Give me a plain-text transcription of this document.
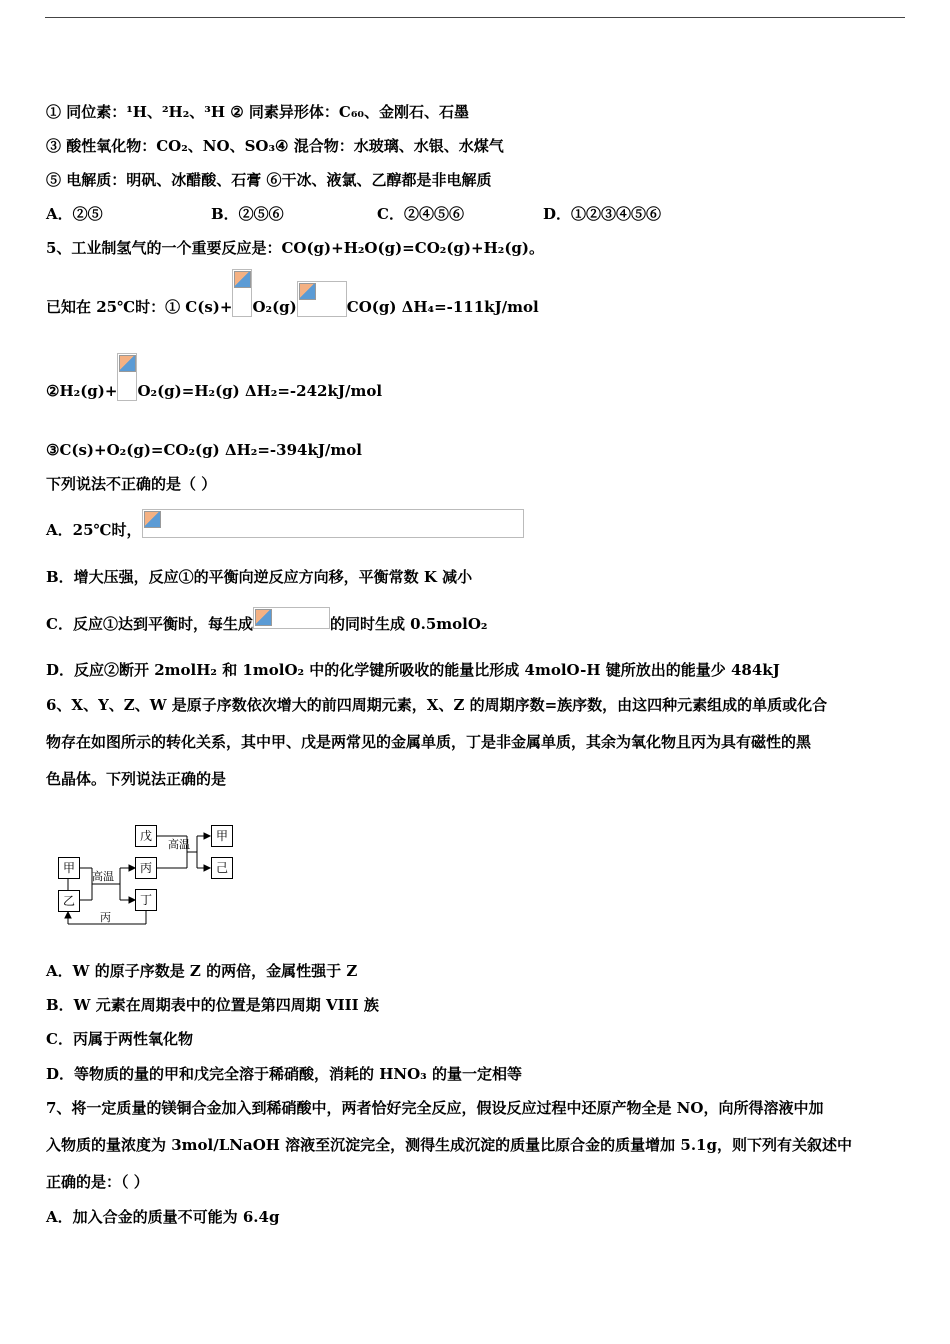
① 同位素：¹H、²H₂、³H ② 同素异形体：C₆₀、金刚石、石墨
③ 酸性氧化物：CO₂、NO、SO₃④ 混合物：水玻璃、水银、水煤气
⑤ 电解质：明矾、冰醋酸、石膏 ⑥干冰、液氯、乙醇都是非电解质
A．②⑤	B．②⑤⑥	C．②④⑤⑥	D．①②③④⑤⑥
5、工业制氢气的一个重要反应是：CO(g)+H₂O(g)=CO₂(g)+H₂(g)。
已知在 25℃时：① C(s)+ O₂(g)	CO(g) ΔH₄=-111kJ/mol
②H₂(g)+ O₂(g)=H₂(g) ΔH₂=-242kJ/mol
③C(s)+O₂(g)=CO₂(g) ΔH₂=-394kJ/mol
下列说法不正确的是（ ）
A．25℃时，
B．增大压强，反应①的平衡向逆反应方向移，平衡常数 K 减小
C．反应①达到平衡时，每生成	的同时生成 0.5molO₂
D．反应②断开 2molH₂ 和 1molO₂ 中的化学键所吸收的能量比形成 4molO-H 键所放出的能量少 484kJ
6、X、Y、Z、W 是原子序数依次增大的前四周期元素，X、Z 的周期序数=族序数，由这四种元素组成的单质或化合
物存在如图所示的转化关系，其中甲、戊是两常见的金属单质，丁是非金属单质，其余为氧化物且丙为具有磁性的黑
色晶体。下列说法正确的是
甲
乙
丙
丁
戊	甲
己
高温
高温
丙
A．W 的原子序数是 Z 的两倍，金属性强于 Z
B．W 元素在周期表中的位置是第四周期 VIII 族
C．丙属于两性氧化物
D．等物质的量的甲和戊完全溶于稀硝酸，消耗的 HNO₃ 的量一定相等
7、将一定质量的镁铜合金加入到稀硝酸中，两者恰好完全反应，假设反应过程中还原产物全是 NO，向所得溶液中加
入物质的量浓度为 3mol/LNaOH 溶液至沉淀完全，测得生成沉淀的质量比原合金的质量增加 5.1g，则下列有关叙述中
正确的是：（ ）
A．加入合金的质量不可能为 6.4g
